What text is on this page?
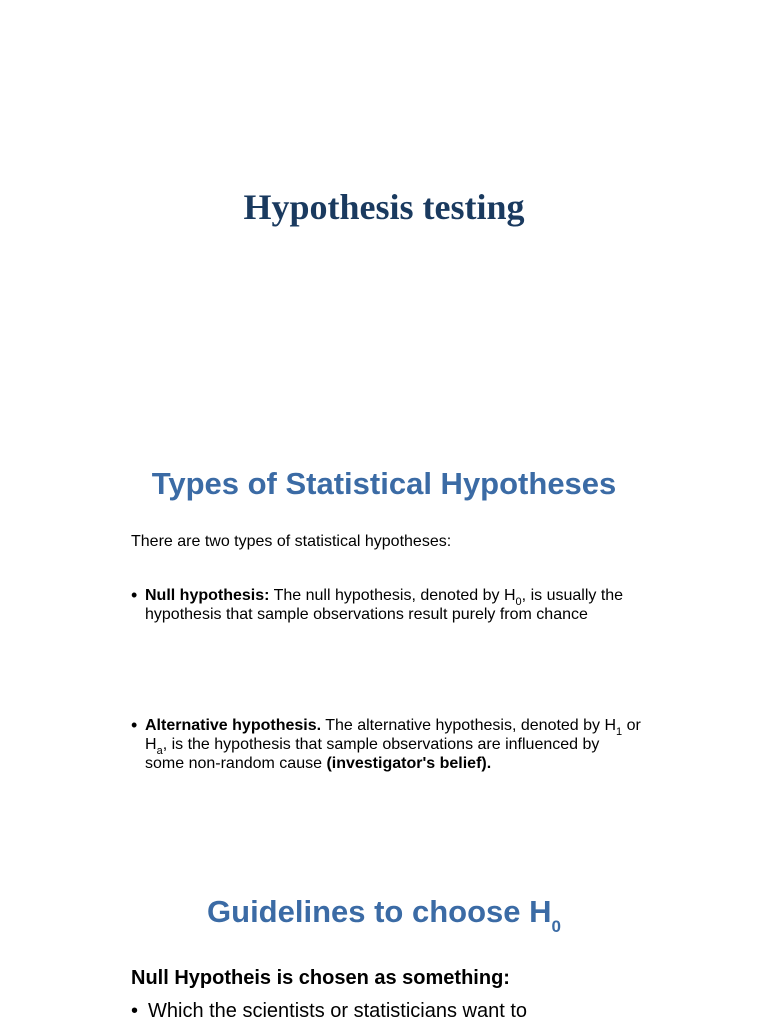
Hypothesis testing
Types of Statistical Hypotheses

There are two types of statistical hypotheses:

• Null hypothesis: The null hypothesis, denoted by $H_0$, is usually the hypothesis that sample observations result purely from chance
• Alternative hypothesis. The alternative hypothesis, denoted by $H_1$ or $H_a$, is the hypothesis that sample observations are influenced by some non-random cause (investigator's belief).
Guidelines to choose $H_0$

Null Hypotheis is chosen as something:

• Which the scientists or statisticians want to
